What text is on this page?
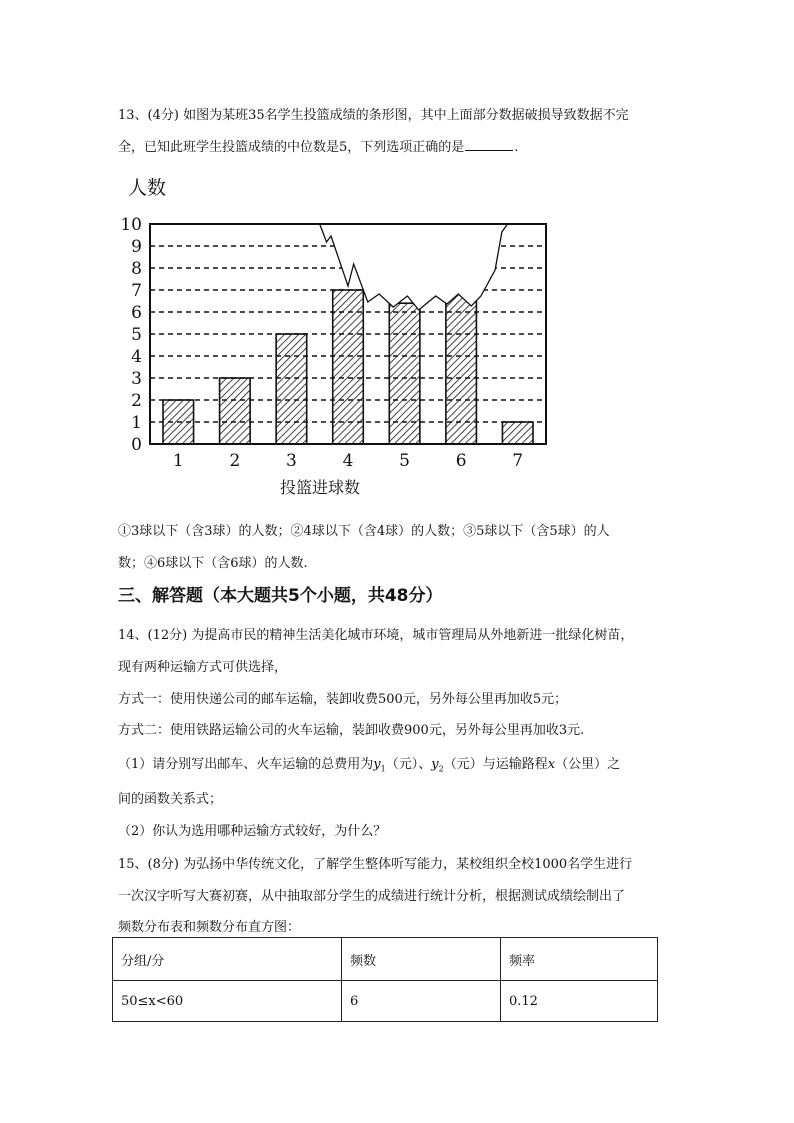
13、(4分) 如图为某班35名学生投篮成绩的条形图，其中上面部分数据破损导致数据不完
全，已知此班学生投篮成绩的中位数是5，下列选项正确的是	.
人数
0
1
2
3
4
5
6
7
8
9
10
1	2	3	4	5	6	7
投篮进球数
①3球以下（含3球）的人数；②4球以下（含4球）的人数；③5球以下（含5球）的人
数；④6球以下（含6球）的人数.
三、解答题（本大题共5个小题，共48分）
14、(12分) 为提高市民的精神生活美化城市环境，城市管理局从外地新进一批绿化树苗，
现有两种运输方式可供选择，
方式一：使用快递公司的邮车运输，装卸收费500元，另外每公里再加收5元；
方式二：使用铁路运输公司的火车运输，装卸收费900元，另外每公里再加收3元.
（1）请分别写出邮车、火车运输的总费用为$y_1$（元）、$y_2$（元）与运输路程x（公里）之
间的函数关系式；
（2）你认为选用哪种运输方式较好，为什么？
15、(8分) 为弘扬中华传统文化，了解学生整体听写能力，某校组织全校1000名学生进行
一次汉字听写大赛初赛，从中抽取部分学生的成绩进行统计分析，根据测试成绩绘制出了
频数分布表和频数分布直方图：
分组/分	频数	频率
50≤x<60	6	0.12
